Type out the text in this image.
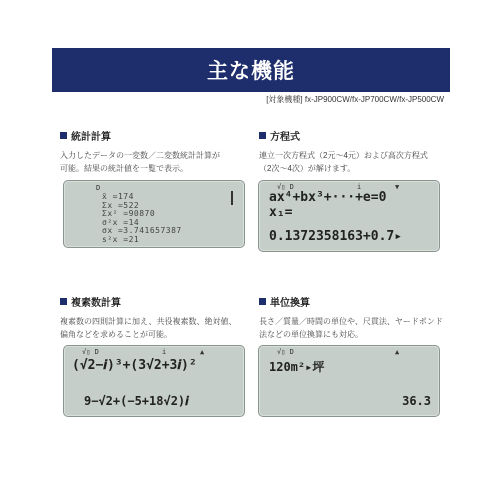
主な機能
[対象機種] fx-JP900CW/fx-JP700CW/fx-JP500CW
統計計算
入力したデータの一変数／二変数統計計算が
可能。結果の統計値を一覧で表示。
D
x̄ =174
Σx =522
Σx² =90870
σ²x =14
σx =3.741657387
s²x =21
方程式
連立一次方程式（2元〜4元）および高次方程式
（2次〜4次）が解けます。
√▯ D	i	▼
ax⁴+bx³+···+e=0
x₁=
0.1372358163+0.7▸
複素数計算
複素数の四則計算に加え、共役複素数、絶対値、
偏角などを求めることが可能。
√▯ D	i	▲
(√2−𝒊)³+(3√2+3𝒊)²
9−√2+(−5+18√2)𝒊
単位換算
長さ／質量／時間の単位や、尺貫法、ヤードポンド
法などの単位換算にも対応。
√▯ D	▲
120m²▸坪
36.3
